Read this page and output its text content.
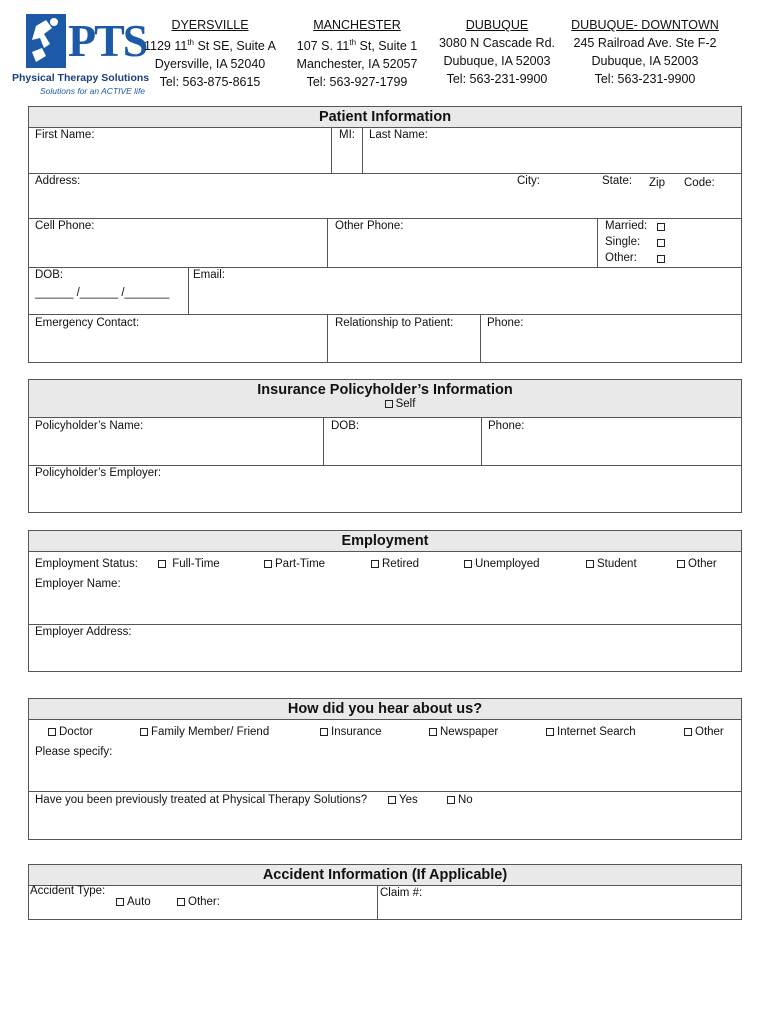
PTS
Physical Therapy Solutions
Solutions for an ACTIVE life
DYERSVILLE
1129 11th St SE, Suite A
Dyersville, IA 52040
Tel: 563-875-8615
MANCHESTER
107 S. 11th St, Suite 1
Manchester, IA 52057
Tel: 563-927-1799
DUBUQUE
3080 N Cascade Rd.
Dubuque, IA 52003
Tel: 563-231-9900
DUBUQUE- DOWNTOWN
245 Railroad Ave. Ste F-2
Dubuque, IA 52003
Tel: 563-231-9900
Patient Information
First Name:	MI: Last Name:
Address:	City:	State: Zip Code:
Cell Phone:	Other Phone:	Married:
Single:
Other:
DOB:
______ /______ /_______
Email:
Emergency Contact:	Relationship to Patient:	Phone:
Insurance Policyholder’s Information
Self
Policyholder’s Name:	DOB:	Phone:
Policyholder’s Employer:
Employment
Employment Status:	Full-Time	Part-Time	Retired	Unemployed	Student	Other
Employer Name:
Employer Address:
How did you hear about us?
Doctor	Family Member/ Friend	Insurance	Newspaper	Internet Search	Other
Please specify:
Have you been previously treated at Physical Therapy Solutions?	Yes	No
Accident Information (If Applicable)
Accident Type:
Auto	Other:
Claim #:
